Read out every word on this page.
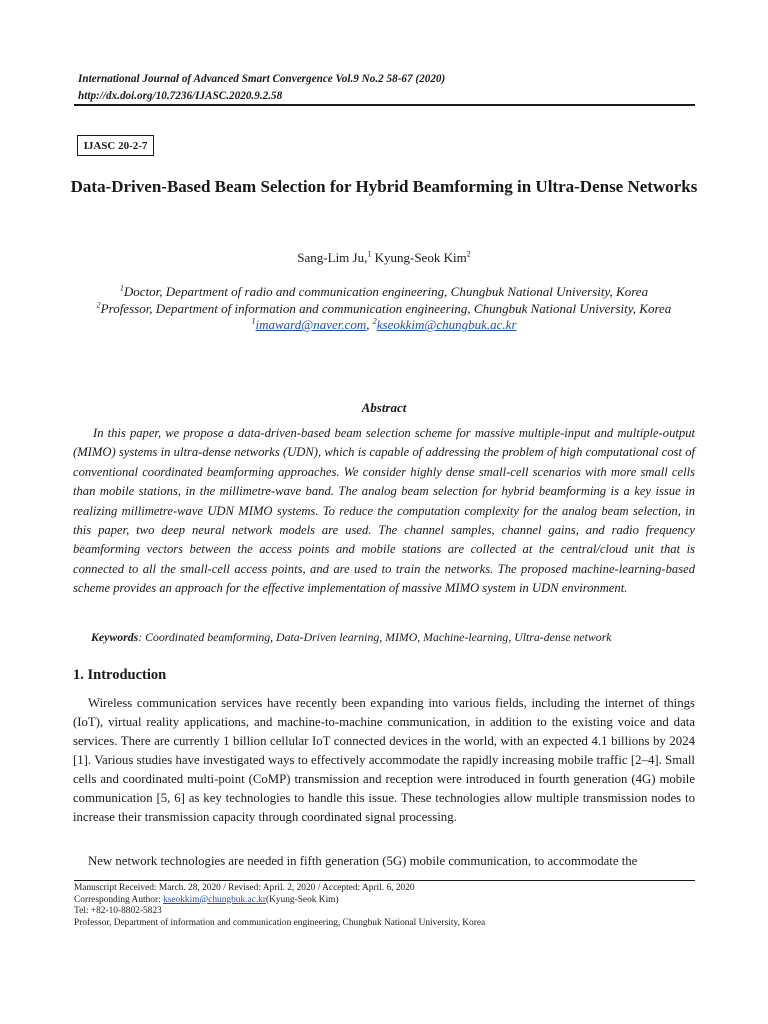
International Journal of Advanced Smart Convergence Vol.9 No.2 58-67 (2020)
http://dx.doi.org/10.7236/IJASC.2020.9.2.58
IJASC 20-2-7
Data-Driven-Based Beam Selection for Hybrid Beamforming in Ultra-Dense Networks
Sang-Lim Ju,$^1$ Kyung-Seok Kim$^2$

$^1$Doctor, Department of radio and communication engineering, Chungbuk National University, Korea

$^2$Professor, Department of information and communication engineering, Chungbuk National University, Korea

$^1$imaward@naver.com, $^2$kseokkim@chungbuk.ac.kr

Abstract

In this paper, we propose a data-driven-based beam selection scheme for massive multiple-input and multiple-output (MIMO) systems in ultra-dense networks (UDN), which is capable of addressing the problem of high computational cost of conventional coordinated beamforming approaches. We consider highly dense small-cell scenarios with more small cells than mobile stations, in the millimetre-wave band. The analog beam selection for hybrid beamforming is a key issue in realizing millimetre-wave UDN MIMO systems. To reduce the computation complexity for the analog beam selection, in this paper, two deep neural network models are used. The channel samples, channel gains, and radio frequency beamforming vectors between the access points and mobile stations are collected at the central/cloud unit that is connected to all the small-cell access points, and are used to train the networks. The proposed machine-learning-based scheme provides an approach for the effective implementation of massive MIMO system in UDN environment.

Keywords: Coordinated beamforming, Data-Driven learning, MIMO, Machine-learning, Ultra-dense network
1. Introduction

Wireless communication services have recently been expanding into various fields, including the internet of things (IoT), virtual reality applications, and machine-to-machine communication, in addition to the existing voice and data services. There are currently 1 billion cellular IoT connected devices in the world, with an expected 4.1 billions by 2024 [1]. Various studies have investigated ways to effectively accommodate the rapidly increasing mobile traffic [2–4]. Small cells and coordinated multi-point (CoMP) transmission and reception were introduced in fourth generation (4G) mobile communication [5, 6] as key technologies to handle this issue. These technologies allow multiple transmission nodes to increase their transmission capacity through coordinated signal processing.

New network technologies are needed in fifth generation (5G) mobile communication, to accommodate the

Manuscript Received: March. 28, 2020 / Revised: April. 2, 2020 / Accepted: April. 6, 2020
Corresponding Author: kseokkim@chungbuk.ac.kr(Kyung-Seok Kim)
Tel: +82-10-8802-5823
Professor, Department of information and communication engineering, Chungbuk National University, Korea
